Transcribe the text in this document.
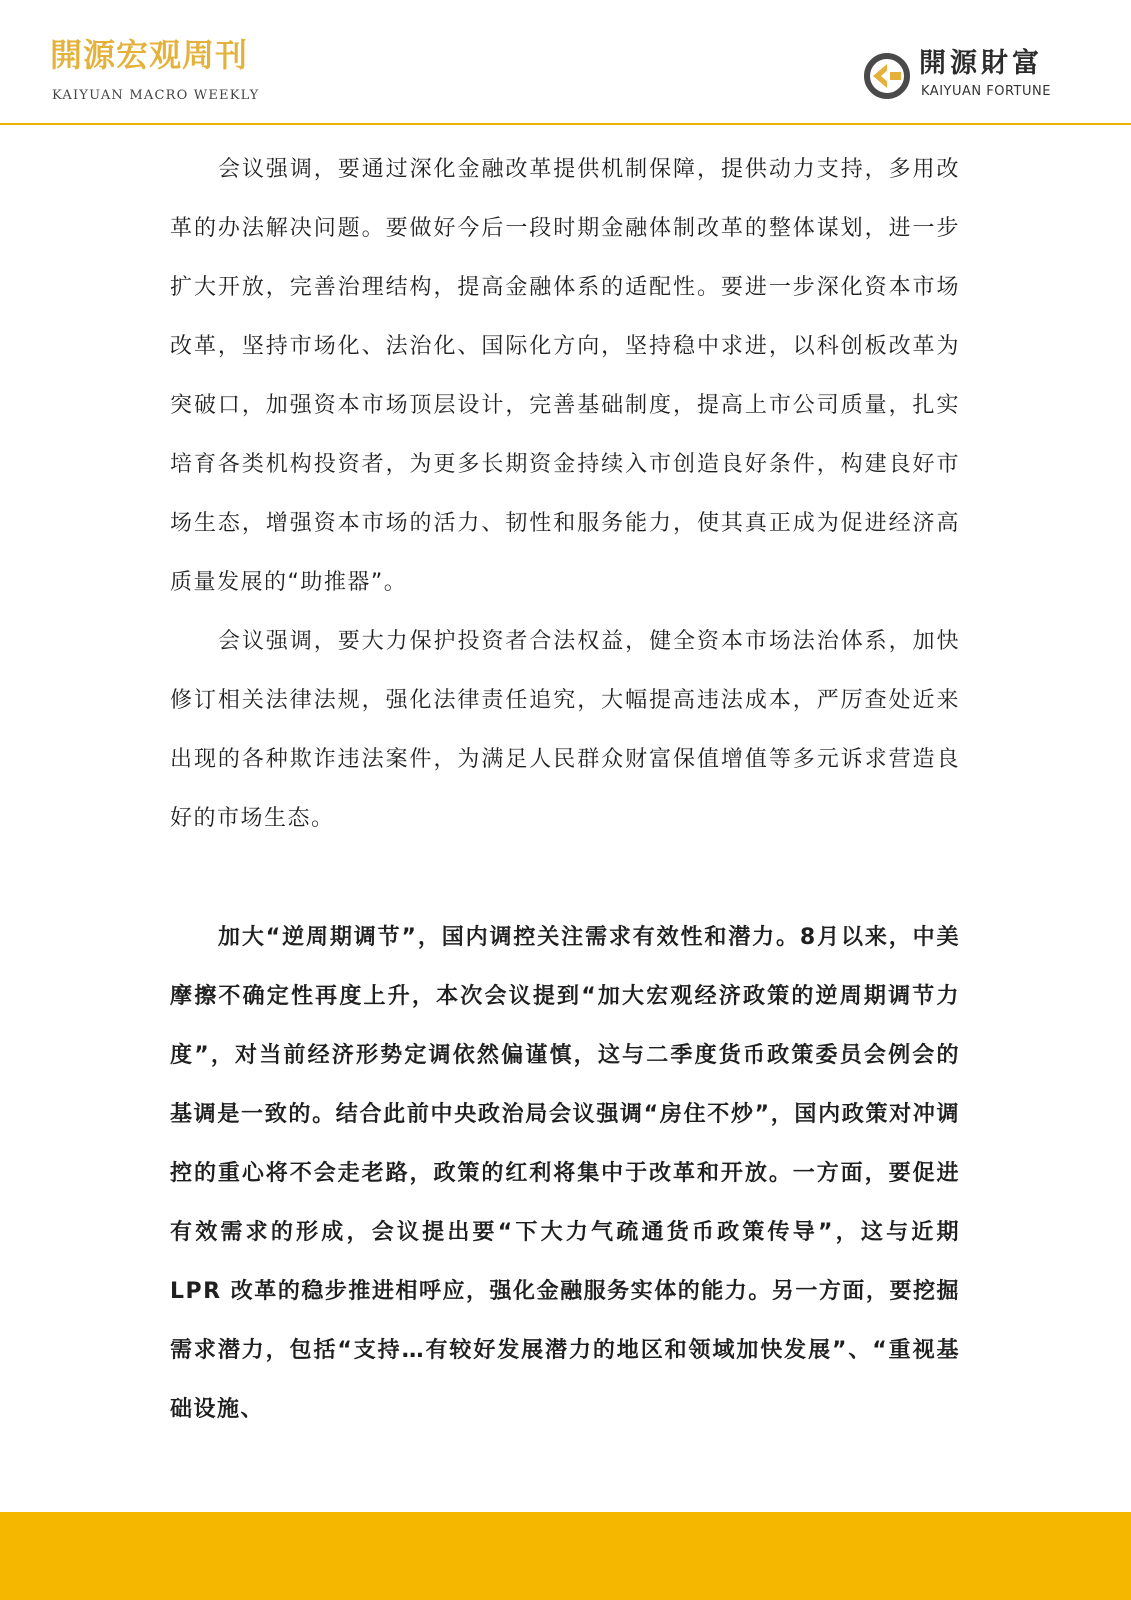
開源宏观周刊
KAIYUAN MACRO WEEKLY
開源財富
KAIYUAN FORTUNE

会议强调，要通过深化金融改革提供机制保障，提供动力支持，多用改革的办法解决问题。要做好今后一段时期金融体制改革的整体谋划，进一步扩大开放，完善治理结构，提高金融体系的适配性。要进一步深化资本市场改革，坚持市场化、法治化、国际化方向，坚持稳中求进，以科创板改革为突破口，加强资本市场顶层设计，完善基础制度，提高上市公司质量，扎实培育各类机构投资者，为更多长期资金持续入市创造良好条件，构建良好市场生态，增强资本市场的活力、韧性和服务能力，使其真正成为促进经济高质量发展的“助推器”。

会议强调，要大力保护投资者合法权益，健全资本市场法治体系，加快修订相关法律法规，强化法律责任追究，大幅提高违法成本，严厉查处近来出现的各种欺诈违法案件，为满足人民群众财富保值增值等多元诉求营造良好的市场生态。

加大“逆周期调节”，国内调控关注需求有效性和潜力。8月以来，中美摩擦不确定性再度上升，本次会议提到“加大宏观经济政策的逆周期调节力度”，对当前经济形势定调依然偏谨慎，这与二季度货币政策委员会例会的基调是一致的。结合此前中央政治局会议强调“房住不炒”，国内政策对冲调控的重心将不会走老路，政策的红利将集中于改革和开放。一方面，要促进有效需求的形成，会议提出要“下大力气疏通货币政策传导”，这与近期 LPR 改革的稳步推进相呼应，强化金融服务实体的能力。另一方面，要挖掘需求潜力，包括“支持…有较好发展潜力的地区和领域加快发展”、“重视基础设施、
